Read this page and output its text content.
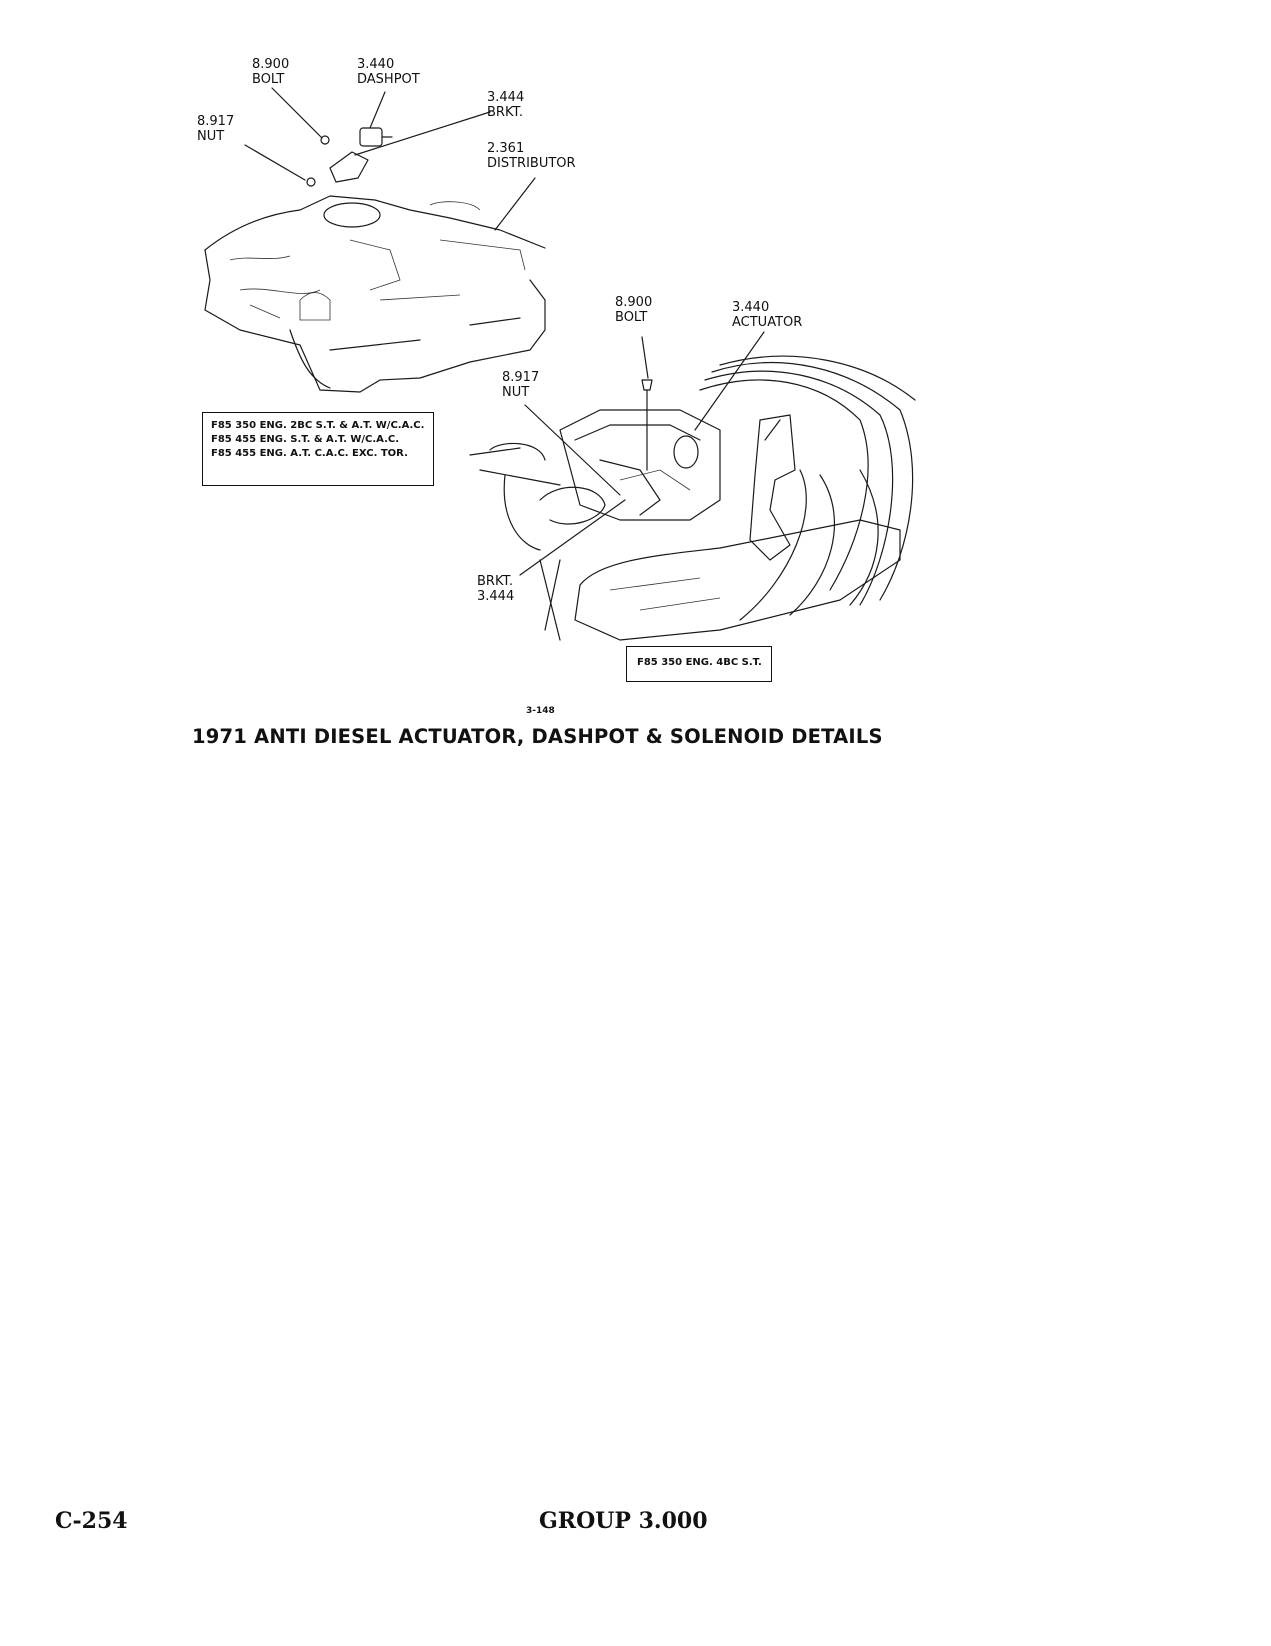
8.900
BOLT
3.440
DASHPOT
8.917
NUT
3.444
BRKT.
2.361
DISTRIBUTOR
F85 350 ENG. 2BC S.T. & A.T. W/C.A.C.
F85 455 ENG. S.T. & A.T. W/C.A.C.
F85 455 ENG. A.T. C.A.C. EXC. TOR.
8.900
BOLT
3.440
ACTUATOR
8.917
NUT
BRKT.
3.444
F85 350 ENG. 4BC S.T.
3-148
1971 ANTI DIESEL ACTUATOR, DASHPOT & SOLENOID DETAILS
C-254	GROUP 3.000
